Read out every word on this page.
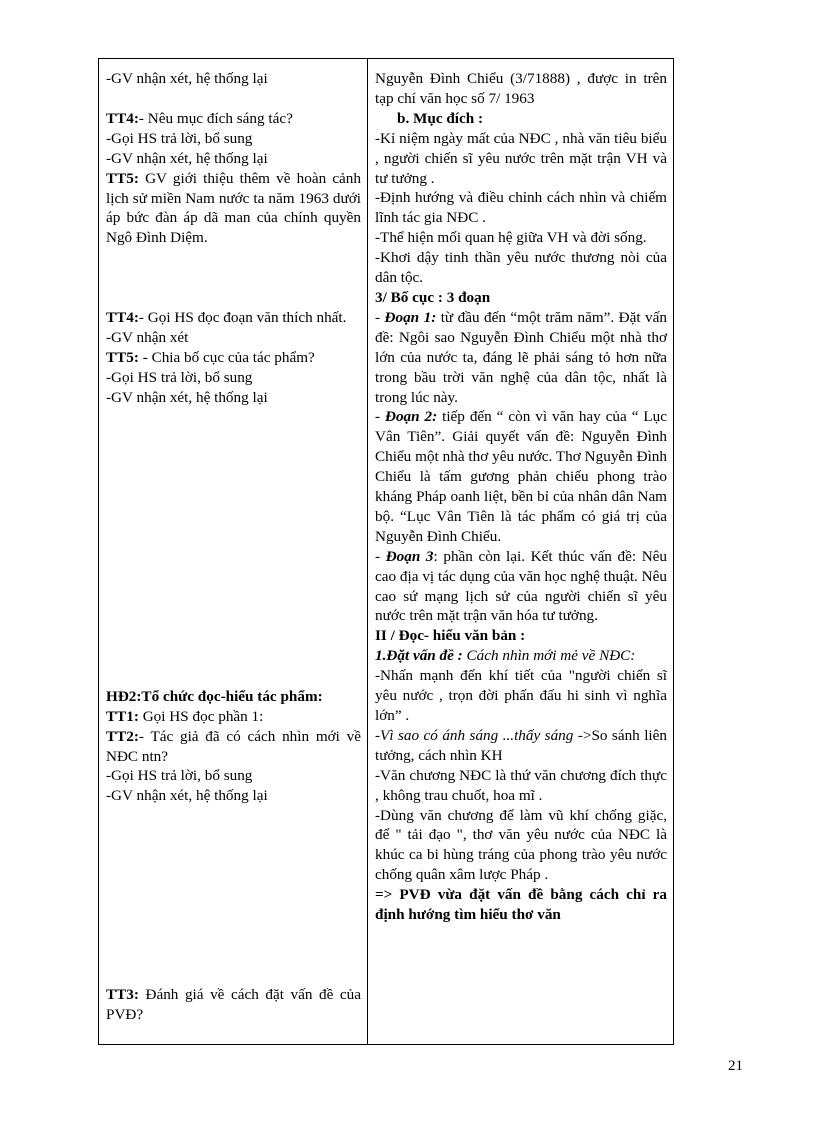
-GV nhận xét, hệ thống lại

TT4:- Nêu mục đích sáng tác?

-Gọi HS trả lời, bổ sung

-GV nhận xét, hệ thống lại

TT5: GV giới thiệu thêm về hoàn cảnh lịch sử miền Nam nước ta năm 1963 dưới áp bức đàn áp dã man của chính quyền Ngô Đình Diệm.

TT4:- Gọi HS đọc đoạn văn thích nhất.

-GV nhận xét

TT5: - Chia bố cục của tác phẩm?

-Gọi HS trả lời, bổ sung

-GV nhận xét, hệ thống lại

HĐ2:Tổ chức đọc-hiểu tác phẩm:

TT1: Gọi HS đọc phần 1:

TT2:- Tác giả đã có cách nhìn mới về NĐC ntn?

-Gọi HS trả lời, bổ sung

-GV nhận xét, hệ thống lại

TT3: Đánh giá về cách đặt vấn đề của PVĐ?

Nguyễn Đình Chiểu (3/71888) , được in trên tạp chí văn học số 7/ 1963

b. Mục đích :

-Kỉ niệm ngày mất của NĐC , nhà văn tiêu biểu , người chiến sĩ yêu nước trên mặt trận VH và tư tưởng .

-Định hướng và điều chỉnh cách nhìn và chiếm lĩnh tác gia NĐC .

-Thể hiện mối quan hệ giữa VH và đời sống.

-Khơi dậy tinh thần yêu nước thương nòi của dân tộc.

3/ Bố cục : 3 đoạn

- Đoạn 1: từ đầu đến “một trăm năm”. Đặt vấn đề: Ngôi sao Nguyễn Đình Chiểu một nhà thơ lớn của nước ta, đáng lẽ phải sáng tỏ hơn nữa trong bầu trời văn nghệ của dân tộc, nhất là trong lúc này.

- Đoạn 2: tiếp đến “ còn vì văn hay của “ Lục Vân Tiên”. Giải quyết vấn đề: Nguyễn Đình Chiểu một nhà thơ yêu nước. Thơ Nguyễn Đình Chiểu là tấm gương phản chiếu phong trào kháng Pháp oanh liệt, bền bỉ của nhân dân Nam bộ. “Lục Vân Tiên là tác phẩm có giá trị của Nguyễn Đình Chiểu.

- Đoạn 3: phần còn lại. Kết thúc vấn đề: Nêu cao địa vị tác dụng của văn học nghệ thuật. Nêu cao sứ mạng lịch sử của người chiến sĩ yêu nước trên mặt trận văn hóa tư tưởng.

II / Đọc- hiểu văn bản :

1.Đặt vấn đề : Cách nhìn mới mẻ về NĐC:

-Nhấn mạnh đến khí tiết của "người chiến sĩ yêu nước , trọn đời phấn đấu hi sinh vì nghĩa lớn” .

-Vì sao có ánh sáng ...thấy sáng ->So sánh liên tưởng, cách nhìn KH

-Văn chương NĐC là thứ văn chương đích thực , không trau chuốt, hoa mĩ .

-Dùng văn chương để làm vũ khí chống giặc, để " tải đạo ", thơ văn yêu nước của NĐC là khúc ca bi hùng tráng của phong trào yêu nước chống quân xâm lược Pháp .

=> PVĐ vừa đặt vấn đề bằng cách chỉ ra định hướng tìm hiểu thơ văn

21
